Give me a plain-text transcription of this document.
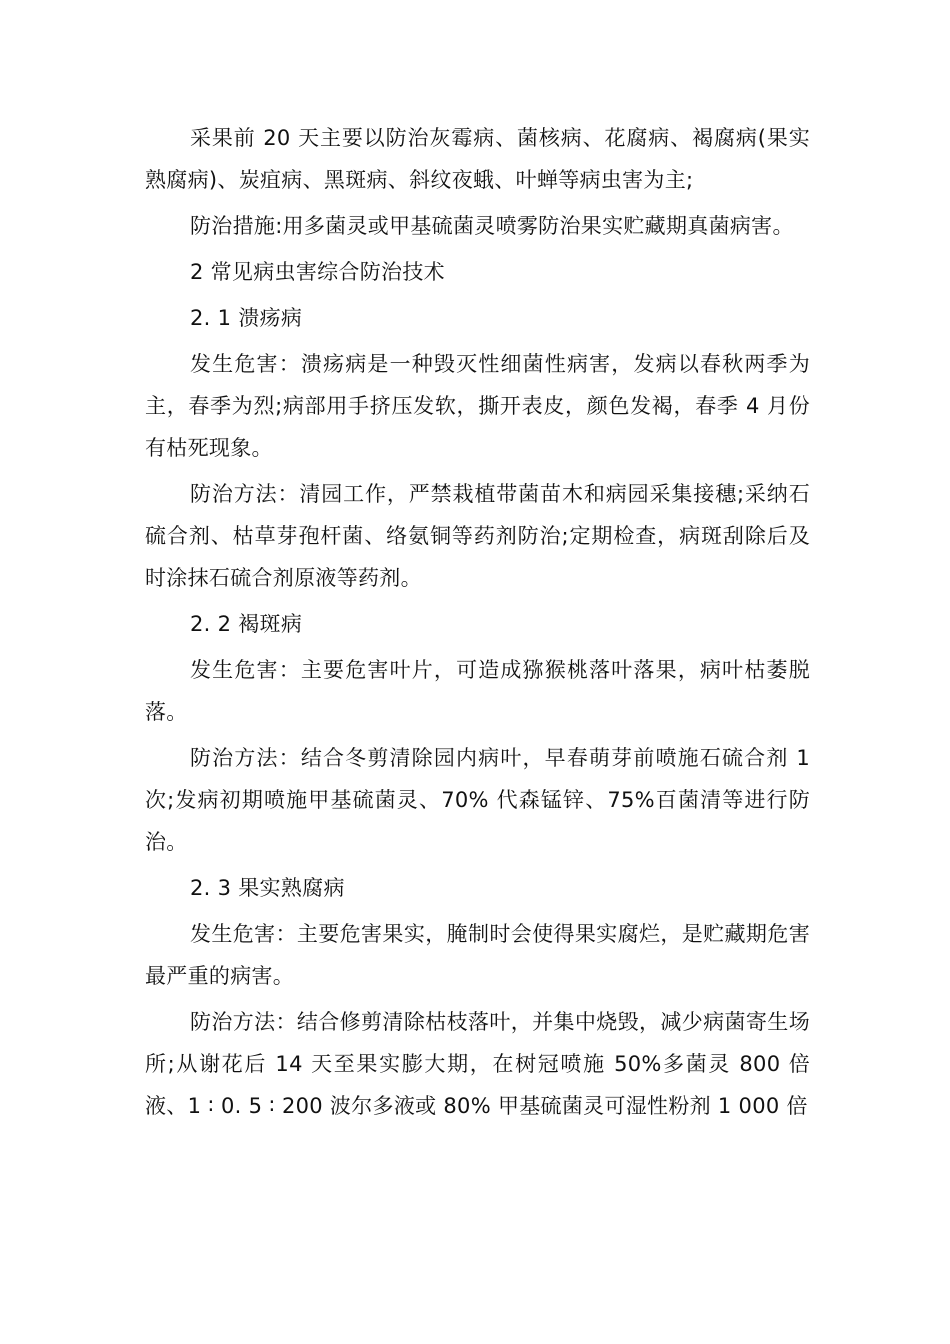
采果前 20 天主要以防治灰霉病、菌核病、花腐病、褐腐病(果实熟腐病)、炭疽病、黑斑病、斜纹夜蛾、叶蝉等病虫害为主;

防治措施:用多菌灵或甲基硫菌灵喷雾防治果实贮藏期真菌病害。

2 常见病虫害综合防治技术

2. 1 溃疡病

发生危害：溃疡病是一种毁灭性细菌性病害，发病以春秋两季为主，春季为烈;病部用手挤压发软，撕开表皮，颜色发褐，春季 4 月份有枯死现象。

防治方法：清园工作，严禁栽植带菌苗木和病园采集接穗;采纳石硫合剂、枯草芽孢杆菌、络氨铜等药剂防治;定期检查，病斑刮除后及时涂抹石硫合剂原液等药剂。

2. 2 褐斑病

发生危害：主要危害叶片，可造成猕猴桃落叶落果，病叶枯萎脱落。

防治方法：结合冬剪清除园内病叶，早春萌芽前喷施石硫合剂 1 次;发病初期喷施甲基硫菌灵、70% 代森锰锌、75%百菌清等进行防治。

2. 3 果实熟腐病

发生危害：主要危害果实，腌制时会使得果实腐烂，是贮藏期危害最严重的病害。

防治方法：结合修剪清除枯枝落叶，并集中烧毁，减少病菌寄生场所;从谢花后 14 天至果实膨大期，在树冠喷施 50%多菌灵 800 倍液、1 ∶ 0. 5 ∶ 200 波尔多液或 80% 甲基硫菌灵可湿性粉剂 1 000 倍
